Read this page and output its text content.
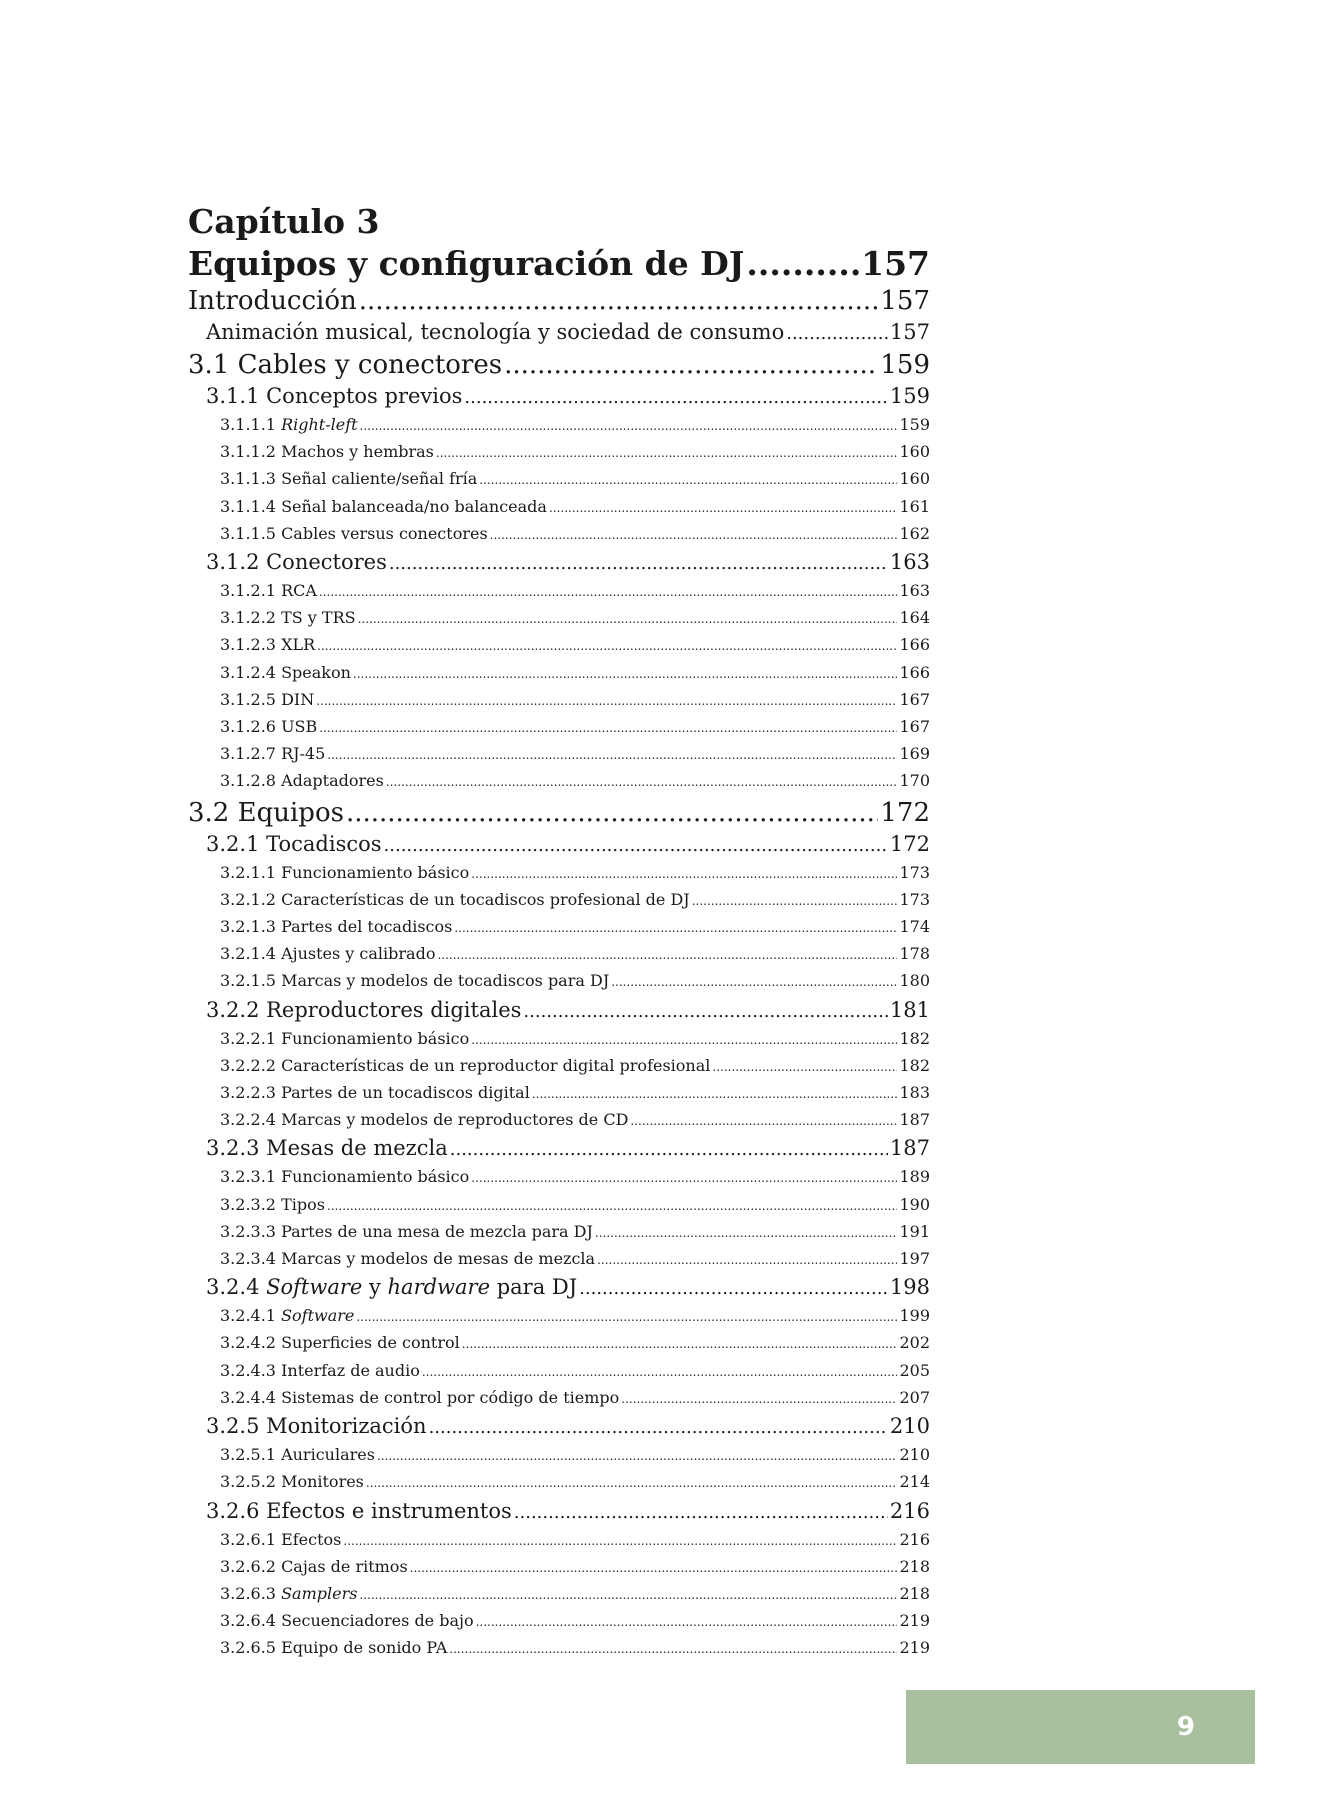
Capítulo 3
Equipos y configuración de DJ .....	157
Introducción .....	157
Animación musical, tecnología y sociedad de consumo .....	157
3.1 Cables y conectores .....	159
3.1.1 Conceptos previos .....	159
3.1.1.1 Right-left .....	159
3.1.1.2 Machos y hembras .....	160
3.1.1.3 Señal caliente/señal fría .....	160
3.1.1.4 Señal balanceada/no balanceada .....	161
3.1.1.5 Cables versus conectores .....	162
3.1.2 Conectores .....	163
3.1.2.1 RCA .....	163
3.1.2.2 TS y TRS .....	164
3.1.2.3 XLR .....	166
3.1.2.4 Speakon .....	166
3.1.2.5 DIN .....	167
3.1.2.6 USB .....	167
3.1.2.7 RJ-45 .....	169
3.1.2.8 Adaptadores .....	170
3.2 Equipos .....	172
3.2.1 Tocadiscos .....	172
3.2.1.1 Funcionamiento básico .....	173
3.2.1.2 Características de un tocadiscos profesional de DJ .....	173
3.2.1.3 Partes del tocadiscos .....	174
3.2.1.4 Ajustes y calibrado .....	178
3.2.1.5 Marcas y modelos de tocadiscos para DJ .....	180
3.2.2 Reproductores digitales .....	181
3.2.2.1 Funcionamiento básico .....	182
3.2.2.2 Características de un reproductor digital profesional .....	182
3.2.2.3 Partes de un tocadiscos digital .....	183
3.2.2.4 Marcas y modelos de reproductores de CD .....	187
3.2.3 Mesas de mezcla .....	187
3.2.3.1 Funcionamiento básico .....	189
3.2.3.2 Tipos .....	190
3.2.3.3 Partes de una mesa de mezcla para DJ .....	191
3.2.3.4 Marcas y modelos de mesas de mezcla .....	197
3.2.4 Software y hardware para DJ .....	198
3.2.4.1 Software .....	199
3.2.4.2 Superficies de control .....	202
3.2.4.3 Interfaz de audio .....	205
3.2.4.4 Sistemas de control por código de tiempo .....	207
3.2.5 Monitorización .....	210
3.2.5.1 Auriculares .....	210
3.2.5.2 Monitores .....	214
3.2.6 Efectos e instrumentos .....	216
3.2.6.1 Efectos .....	216
3.2.6.2 Cajas de ritmos .....	218
3.2.6.3 Samplers .....	218
3.2.6.4 Secuenciadores de bajo .....	219
3.2.6.5 Equipo de sonido PA .....	219
9
